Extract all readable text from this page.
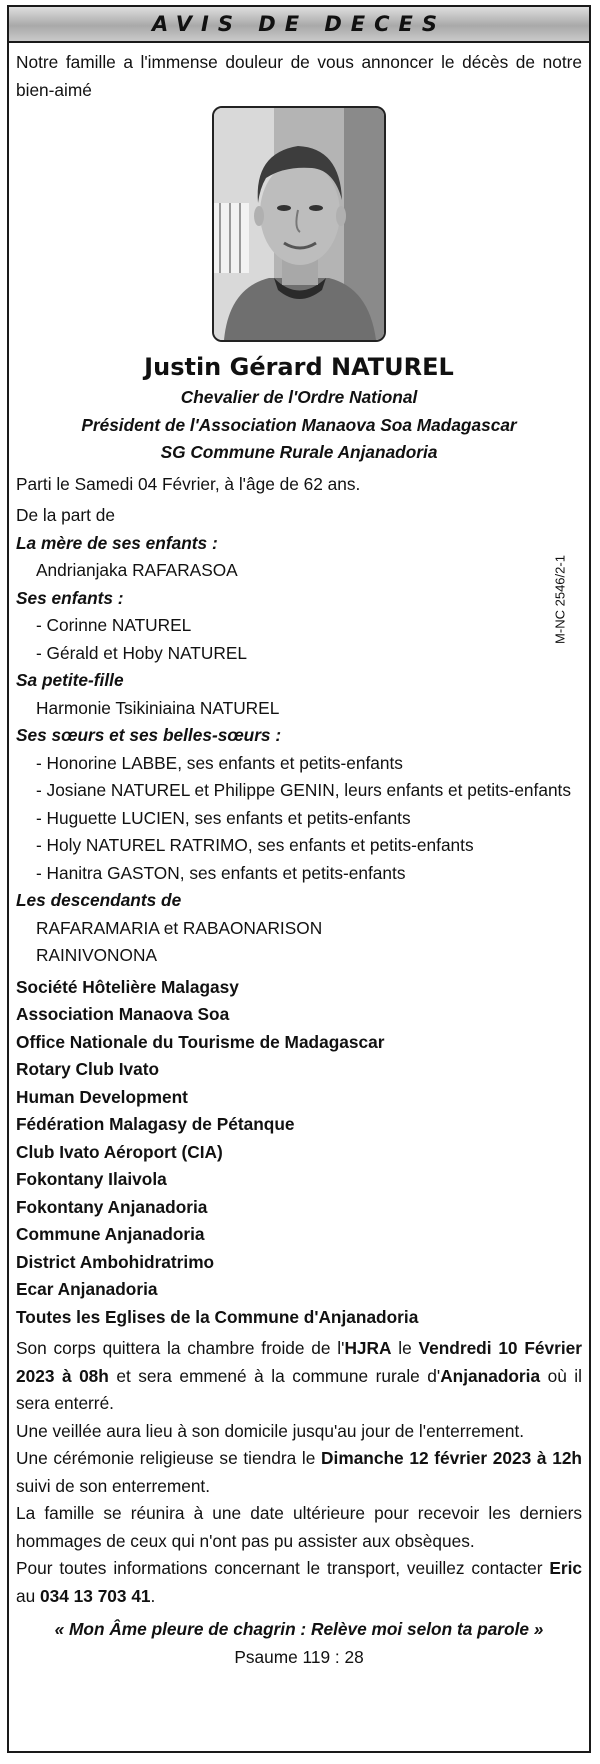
AVIS DE DECES
Notre famille a l'immense douleur de vous annoncer le décès de notre bien-aimé
Justin Gérard NATUREL
Chevalier de l'Ordre National
Président de l'Association Manaova Soa Madagascar
SG Commune Rurale Anjanadoria
Parti le Samedi 04 Février, à l'âge de 62 ans.
De la part de
La mère de ses enfants :
Andrianjaka RAFARASOA
Ses enfants :
- Corinne NATUREL
- Gérald et Hoby NATUREL
Sa petite-fille
Harmonie Tsikiniaina NATUREL
Ses sœurs et ses belles-sœurs :
- Honorine LABBE, ses enfants et petits-enfants
- Josiane NATUREL et Philippe GENIN, leurs enfants et petits-enfants
- Huguette LUCIEN, ses enfants et petits-enfants
- Holy NATUREL RATRIMO, ses enfants et petits-enfants
- Hanitra GASTON, ses enfants et petits-enfants
Les descendants de
RAFARAMARIA et RABAONARISON
RAINIVONONA
Société Hôtelière Malagasy
Association Manaova Soa
Office Nationale du Tourisme de Madagascar
Rotary Club Ivato
Human Development
Fédération Malagasy de Pétanque
Club Ivato Aéroport (CIA)
Fokontany Ilaivola
Fokontany Anjanadoria
Commune Anjanadoria
District Ambohidratrimo
Ecar Anjanadoria
Toutes les Eglises de la Commune d'Anjanadoria
Son corps quittera la chambre froide de l'HJRA le Vendredi 10 Février 2023 à 08h et sera emmené à la commune rurale d'Anjanadoria où il sera enterré.
Une veillée aura lieu à son domicile jusqu'au jour de l'enterrement.
Une cérémonie religieuse se tiendra le Dimanche 12 février 2023 à 12h suivi de son enterrement.
La famille se réunira à une date ultérieure pour recevoir les derniers hommages de ceux qui n'ont pas pu assister aux obsèques.
Pour toutes informations concernant le transport, veuillez contacter Eric au 034 13 703 41.
« Mon Âme pleure de chagrin : Relève moi selon ta parole »
Psaume 119 : 28
M-NC 2546/2-1
